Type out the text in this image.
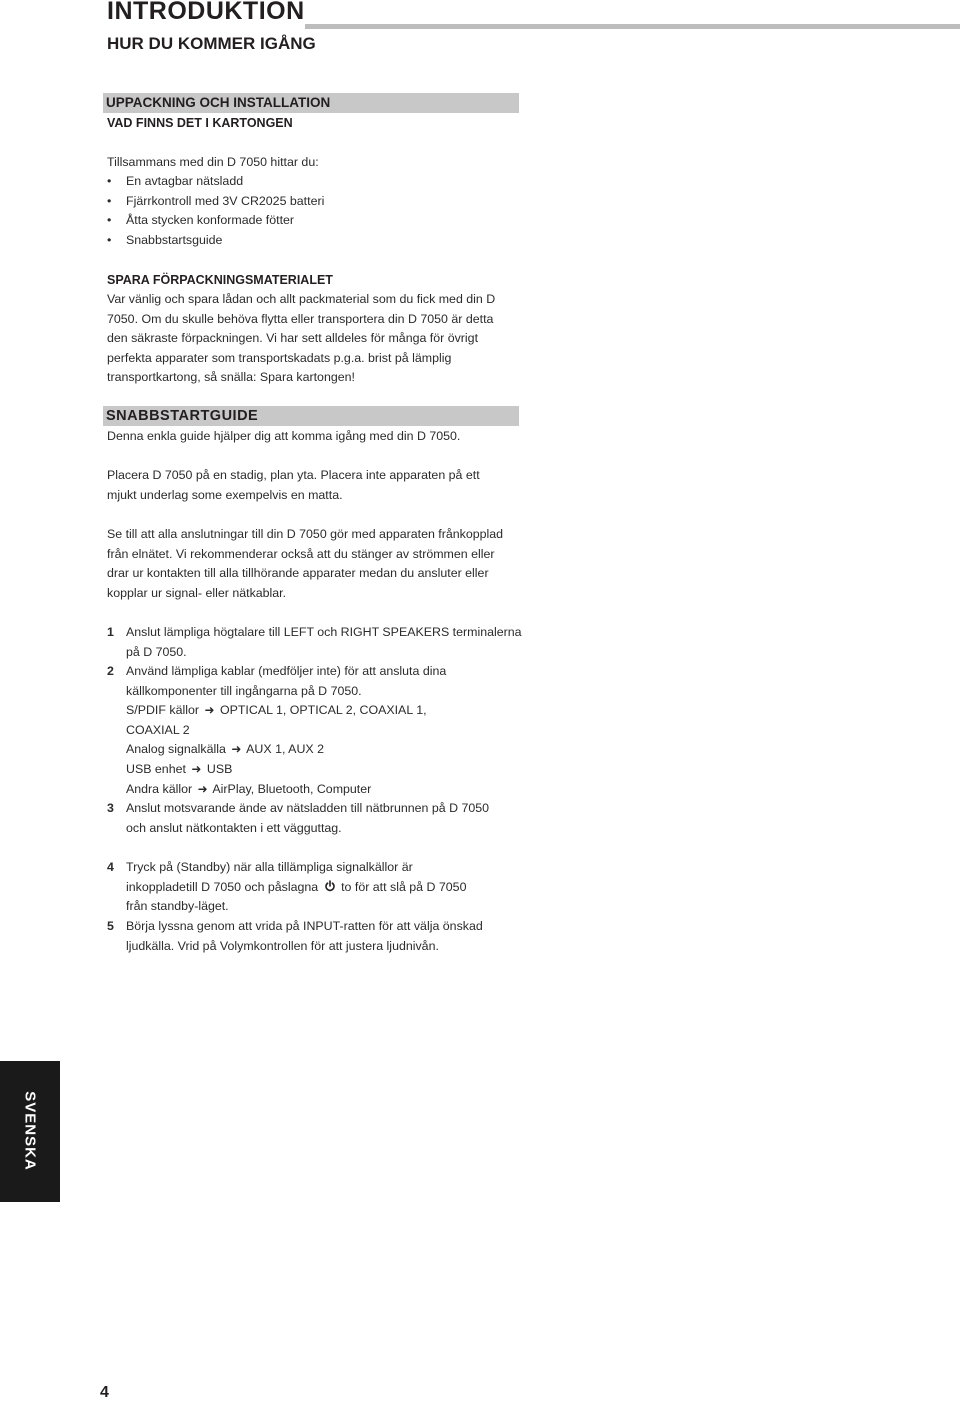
INTRODUKTION
HUR DU KOMMER IGÅNG
UPPACKNING OCH INSTALLATION
VAD FINNS DET I KARTONGEN

Tillsammans med din D 7050 hittar du:

• En avtagbar nätsladd
• Fjärrkontroll med 3V CR2025 batteri
• Åtta stycken konformade fötter
• Snabbstartsguide
SPARA FÖRPACKNINGSMATERIALET

Var vänlig och spara lådan och allt packmaterial som du fick med din D 7050. Om du skulle behöva flytta eller transportera din D 7050 är detta den säkraste förpackningen. Vi har sett alldeles för många för övrigt perfekta apparater som transportskadats p.g.a. brist på lämplig transportkartong, så snälla: Spara kartongen!

SNABBSTARTGUIDE

Denna enkla guide hjälper dig att komma igång med din D 7050.

Placera D 7050 på en stadig, plan yta. Placera inte apparaten på ett mjukt underlag some exempelvis en matta.

Se till att alla anslutningar till din D 7050 gör med apparaten frånkopplad från elnätet. Vi rekommenderar också att du stänger av strömmen eller drar ur kontakten till alla tillhörande apparater medan du ansluter eller kopplar ur signal- eller nätkablar.

1 Anslut lämpliga högtalare till LEFT och RIGHT SPEAKERS terminalerna på D 7050.
2 Använd lämpliga kablar (medföljer inte) för att ansluta dina källkomponenter till ingångarna på D 7050.
S/PDIF källor ➜ OPTICAL 1, OPTICAL 2, COAXIAL 1, COAXIAL 2
Analog signalkälla ➜ AUX 1, AUX 2
USB enhet ➜ USB
Andra källor ➜ AirPlay, Bluetooth, Computer
3 Anslut motsvarande ände av nätsladden till nätbrunnen på D 7050 och anslut nätkontakten i ett vägguttag.
4 Tryck på (Standby) när alla tillämpliga signalkällor är inkoppladetill D 7050 och påslagna to för att slå på D 7050 från standby-läget.
5 Börja lyssna genom att vrida på INPUT-ratten för att välja önskad ljudkälla. Vrid på Volymkontrollen för att justera ljudnivån.
SVENSKA
4
